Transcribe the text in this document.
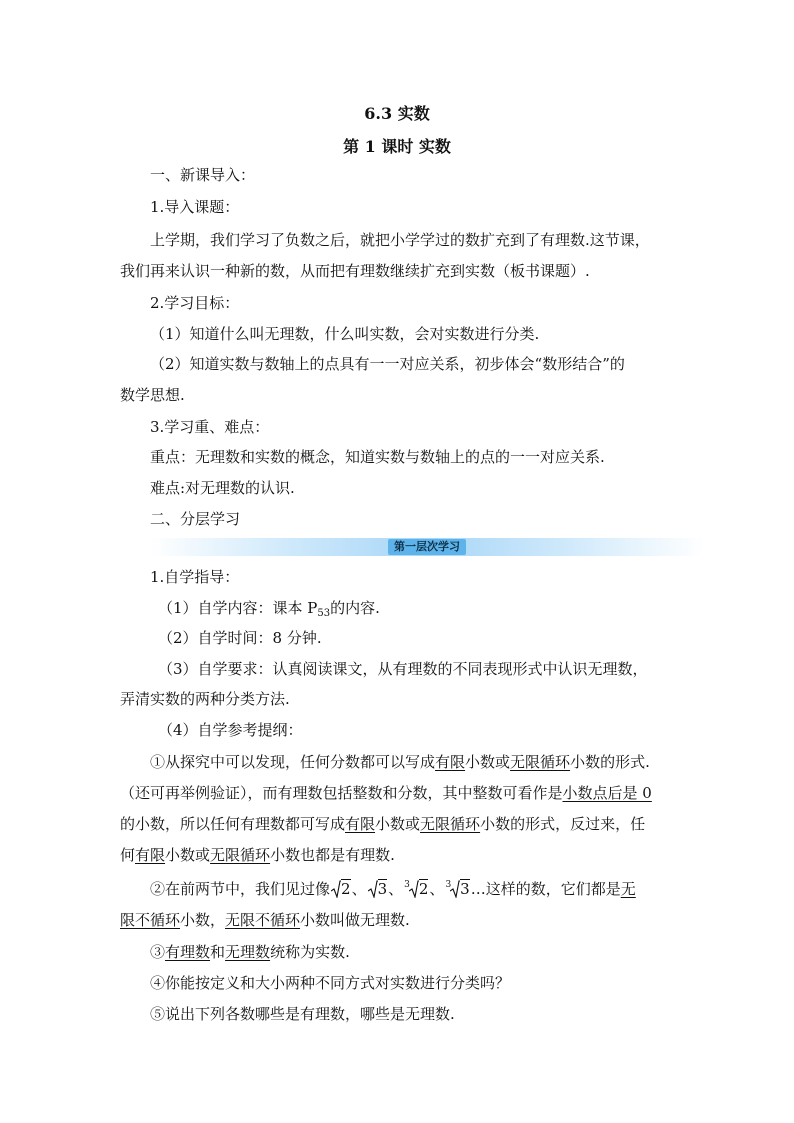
6.3 实数
第 1 课时 实数
一、新课导入：
1.导入课题：
上学期，我们学习了负数之后，就把小学学过的数扩充到了有理数.这节课，
我们再来认识一种新的数，从而把有理数继续扩充到实数（板书课题）.
2.学习目标：
（1）知道什么叫无理数，什么叫实数，会对实数进行分类.
（2）知道实数与数轴上的点具有一一对应关系，初步体会“数形结合”的
数学思想.
3.学习重、难点：
重点：无理数和实数的概念，知道实数与数轴上的点的一一对应关系.
难点:对无理数的认识.
二、分层学习
第一层次学习
1.自学指导：
（1）自学内容：课本 $P_{53}$的内容.
（2）自学时间：8 分钟.
（3）自学要求：认真阅读课文，从有理数的不同表现形式中认识无理数，
弄清实数的两种分类方法.
（4）自学参考提纲：
①从探究中可以发现，任何分数都可以写成有限小数或无限循环小数的形式.
（还可再举例验证），而有理数包括整数和分数，其中整数可看作是小数点后是 0
的小数，所以任何有理数都可写成有限小数或无限循环小数的形式，反过来，任
何有限小数或无限循环小数也都是有理数.
②在前两节中，我们见过像 2、 3、$^3$ 2、$^3$ 3…这样的数，它们都是无
限不循环小数，无限不循环小数叫做无理数.
③有理数和无理数统称为实数.
④你能按定义和大小两种不同方式对实数进行分类吗？
⑤说出下列各数哪些是有理数，哪些是无理数.
